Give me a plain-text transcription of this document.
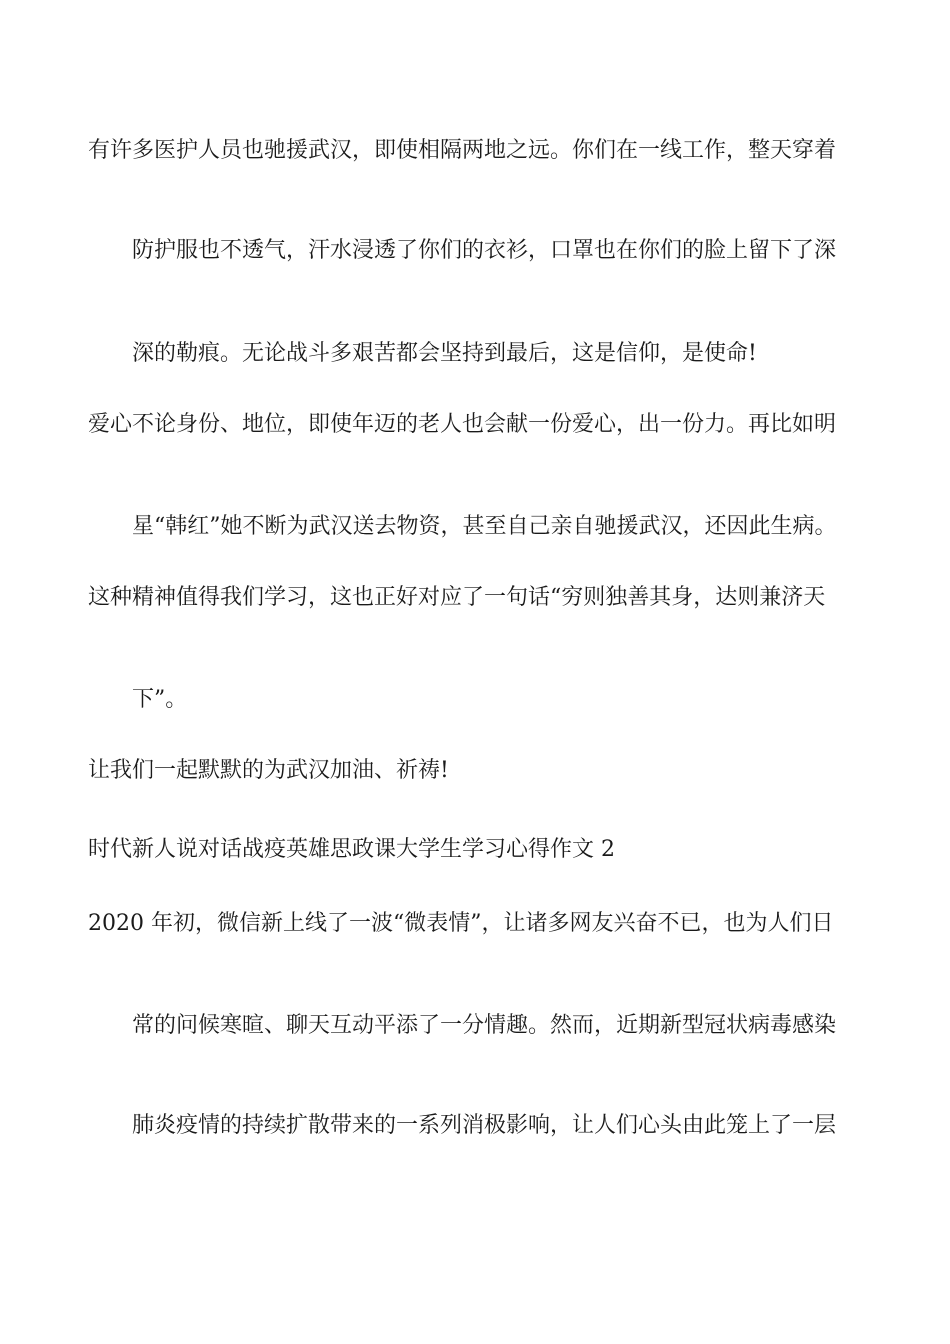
有许多医护人员也驰援武汉，即使相隔两地之远。你们在一线工作，整天穿着
防护服也不透气，汗水浸透了你们的衣衫，口罩也在你们的脸上留下了深
深的勒痕。无论战斗多艰苦都会坚持到最后，这是信仰，是使命!
爱心不论身份、地位，即使年迈的老人也会献一份爱心，出一份力。再比如明
星“韩红”她不断为武汉送去物资，甚至自己亲自驰援武汉，还因此生病。
这种精神值得我们学习，这也正好对应了一句话“穷则独善其身，达则兼济天
下”。
让我们一起默默的为武汉加油、祈祷!
时代新人说对话战疫英雄思政课大学生学习心得作文 2
2020 年初，微信新上线了一波“微表情”，让诸多网友兴奋不已，也为人们日
常的问候寒暄、聊天互动平添了一分情趣。然而，近期新型冠状病毒感染
肺炎疫情的持续扩散带来的一系列消极影响，让人们心头由此笼上了一层
